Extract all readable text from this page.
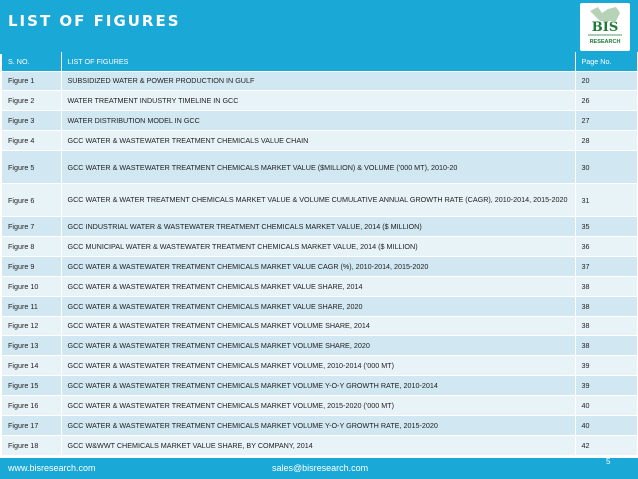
LIST OF FIGURES	BIS
RESEARCH
S. NO.	LIST OF FIGURES	Page No.
Figure 1	SUBSIDIZED WATER & POWER PRODUCTION IN GULF	20
Figure 2	WATER TREATMENT INDUSTRY TIMELINE IN GCC	26
Figure 3	WATER DISTRIBUTION MODEL IN GCC	27
Figure 4	GCC WATER & WASTEWATER TREATMENT CHEMICALS VALUE CHAIN	28
Figure 5	GCC WATER & WASTEWATER TREATMENT CHEMICALS MARKET VALUE ($MILLION) & VOLUME ('000 MT), 2010-20	30
Figure 6	GCC WATER & WATER TREATMENT CHEMICALS MARKET VALUE & VOLUME CUMULATIVE ANNUAL GROWTH RATE (CAGR), 2010-2014, 2015-2020	31
Figure 7	GCC INDUSTRIAL WATER & WASTEWATER TREATMENT CHEMICALS MARKET VALUE, 2014 ($ MILLION)	35
Figure 8	GCC MUNICIPAL WATER & WASTEWATER TREATMENT CHEMICALS MARKET VALUE, 2014 ($ MILLION)	36
Figure 9	GCC WATER & WASTEWATER TREATMENT CHEMICALS MARKET VALUE CAGR (%), 2010-2014, 2015-2020	37
Figure 10	GCC WATER & WASTEWATER TREATMENT CHEMICALS MARKET VALUE SHARE, 2014	38
Figure 11	GCC WATER & WASTEWATER TREATMENT CHEMICALS MARKET VALUE SHARE, 2020	38
Figure 12	GCC WATER & WASTEWATER TREATMENT CHEMICALS MARKET VOLUME SHARE, 2014	38
Figure 13	GCC WATER & WASTEWATER TREATMENT CHEMICALS MARKET VOLUME SHARE, 2020	38
Figure 14	GCC WATER & WASTEWATER TREATMENT CHEMICALS MARKET VOLUME, 2010-2014 ('000 MT)	39
Figure 15	GCC WATER & WASTEWATER TREATMENT CHEMICALS MARKET VOLUME Y-O-Y GROWTH RATE, 2010-2014	39
Figure 16	GCC WATER & WASTEWATER TREATMENT CHEMICALS MARKET VOLUME, 2015-2020 ('000 MT)	40
Figure 17	GCC WATER & WASTEWATER TREATMENT CHEMICALS MARKET VOLUME Y-O-Y GROWTH RATE, 2015-2020	40
Figure 18	GCC W&WWT CHEMICALS MARKET VALUE SHARE, BY COMPANY, 2014	42
www.bisresearch.com	sales@bisresearch.com
5
